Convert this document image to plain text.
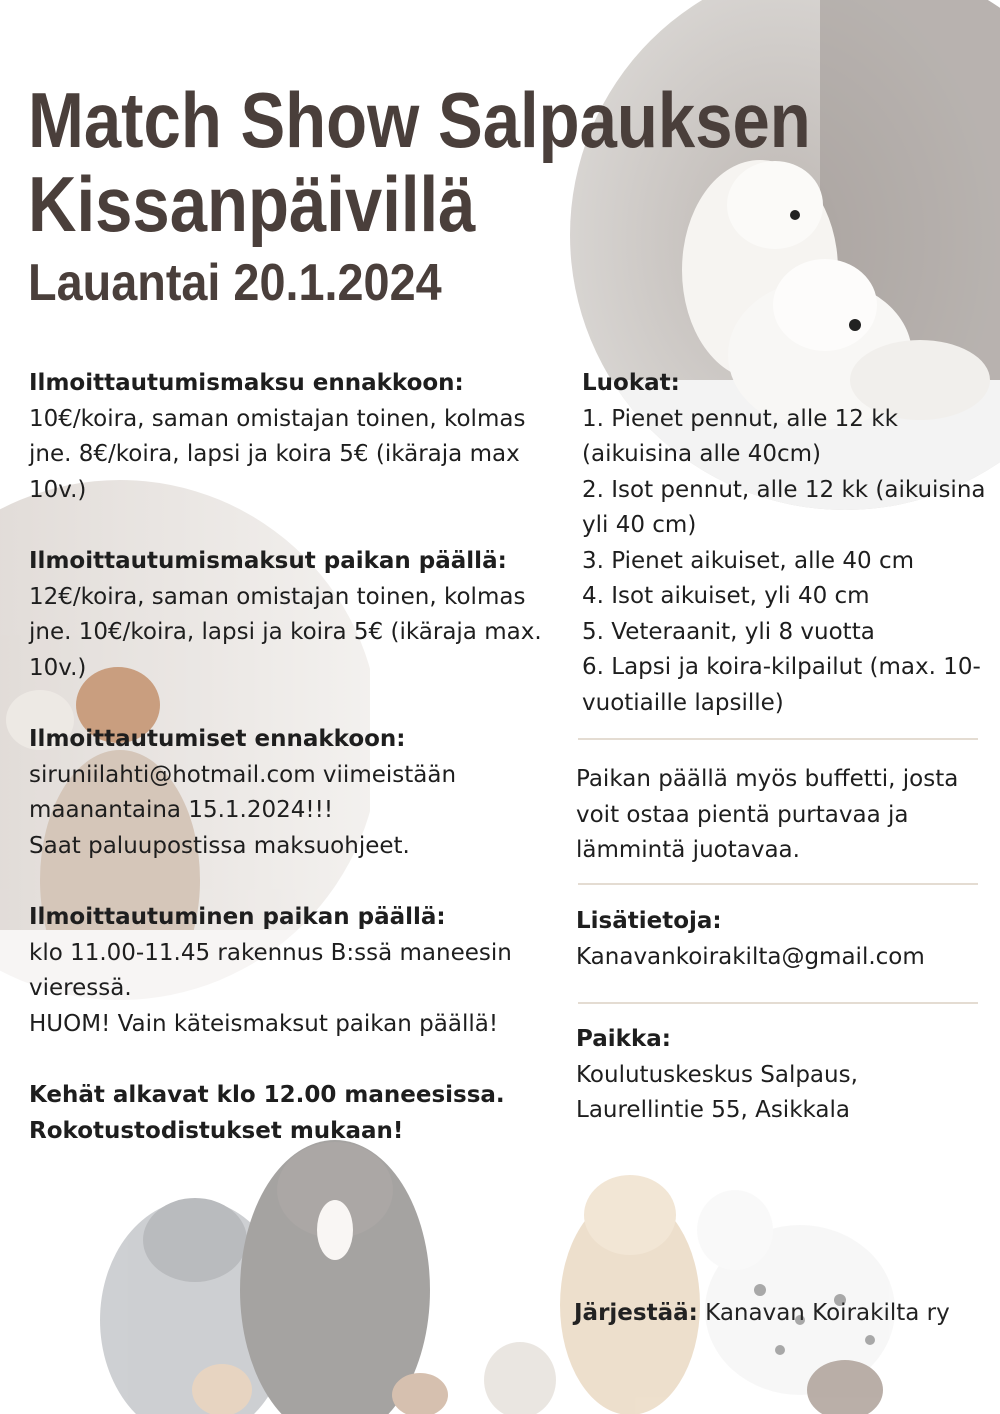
Match Show Salpauksen
Kissanpäivillä
Lauantai 20.1.2024

Ilmoittautumismaksu ennakkoon:

10€/koira, saman omistajan toinen, kolmas jne. 8€/koira, lapsi ja koira 5€ (ikäraja max 10v.)

Ilmoittautumismaksut paikan päällä:

12€/koira, saman omistajan toinen, kolmas jne. 10€/koira, lapsi ja koira 5€ (ikäraja max. 10v.)

Ilmoittautumiset ennakkoon:

siruniilahti@hotmail.com viimeistään maanantaina 15.1.2024!!!

Saat paluupostissa maksuohjeet.

Ilmoittautuminen paikan päällä:

klo 11.00-11.45 rakennus B:ssä maneesin vieressä.

HUOM! Vain käteismaksut paikan päällä!

Kehät alkavat klo 12.00 maneesissa.

Rokotustodistukset mukaan!

Luokat:

1. Pienet pennut, alle 12 kk (aikuisina alle 40cm)

2. Isot pennut, alle 12 kk (aikuisina yli 40 cm)

3. Pienet aikuiset, alle 40 cm

4. Isot aikuiset, yli 40 cm

5. Veteraanit, yli 8 vuotta

6. Lapsi ja koira-kilpailut (max. 10-vuotiaille lapsille)

Paikan päällä myös buffetti, josta voit ostaa pientä purtavaa ja lämmintä juotavaa.

Lisätietoja:

Kanavankoirakilta@gmail.com

Paikka:

Koulutuskeskus Salpaus,

Laurellintie 55, Asikkala

Järjestää: Kanavan Koirakilta ry
